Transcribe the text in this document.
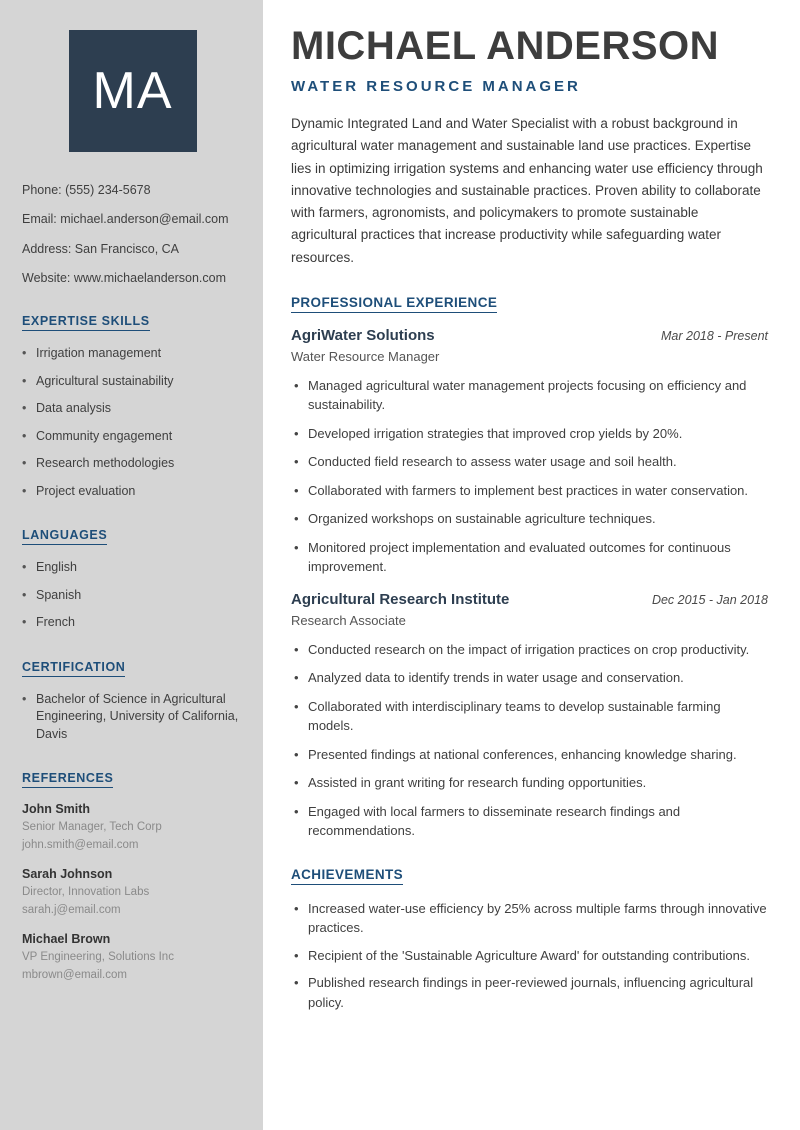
MA

Phone: (555) 234-5678

Email: michael.anderson@email.com

Address: San Francisco, CA

Website: www.michaelanderson.com

EXPERTISE SKILLS
• Irrigation management
• Agricultural sustainability
• Data analysis
• Community engagement
• Research methodologies
• Project evaluation
LANGUAGES
• English
• Spanish
• French
CERTIFICATION
• Bachelor of Science in Agricultural Engineering, University of California, Davis
REFERENCES

John Smith

Senior Manager, Tech Corp

john.smith@email.com

Sarah Johnson

Director, Innovation Labs

sarah.j@email.com

Michael Brown

VP Engineering, Solutions Inc

mbrown@email.com

MICHAEL ANDERSON
WATER RESOURCE MANAGER

Dynamic Integrated Land and Water Specialist with a robust background in agricultural water management and sustainable land use practices. Expertise lies in optimizing irrigation systems and enhancing water use efficiency through innovative technologies and sustainable practices. Proven ability to collaborate with farmers, agronomists, and policymakers to promote sustainable agricultural practices that increase productivity while safeguarding water resources.

PROFESSIONAL EXPERIENCE
AgriWater Solutions	Mar 2018 - Present

Water Resource Manager

• Managed agricultural water management projects focusing on efficiency and sustainability.
• Developed irrigation strategies that improved crop yields by 20%.
• Conducted field research to assess water usage and soil health.
• Collaborated with farmers to implement best practices in water conservation.
• Organized workshops on sustainable agriculture techniques.
• Monitored project implementation and evaluated outcomes for continuous improvement.
Agricultural Research Institute	Dec 2015 - Jan 2018

Research Associate

• Conducted research on the impact of irrigation practices on crop productivity.
• Analyzed data to identify trends in water usage and conservation.
• Collaborated with interdisciplinary teams to develop sustainable farming models.
• Presented findings at national conferences, enhancing knowledge sharing.
• Assisted in grant writing for research funding opportunities.
• Engaged with local farmers to disseminate research findings and recommendations.
ACHIEVEMENTS
• Increased water-use efficiency by 25% across multiple farms through innovative practices.
• Recipient of the 'Sustainable Agriculture Award' for outstanding contributions.
• Published research findings in peer-reviewed journals, influencing agricultural policy.
